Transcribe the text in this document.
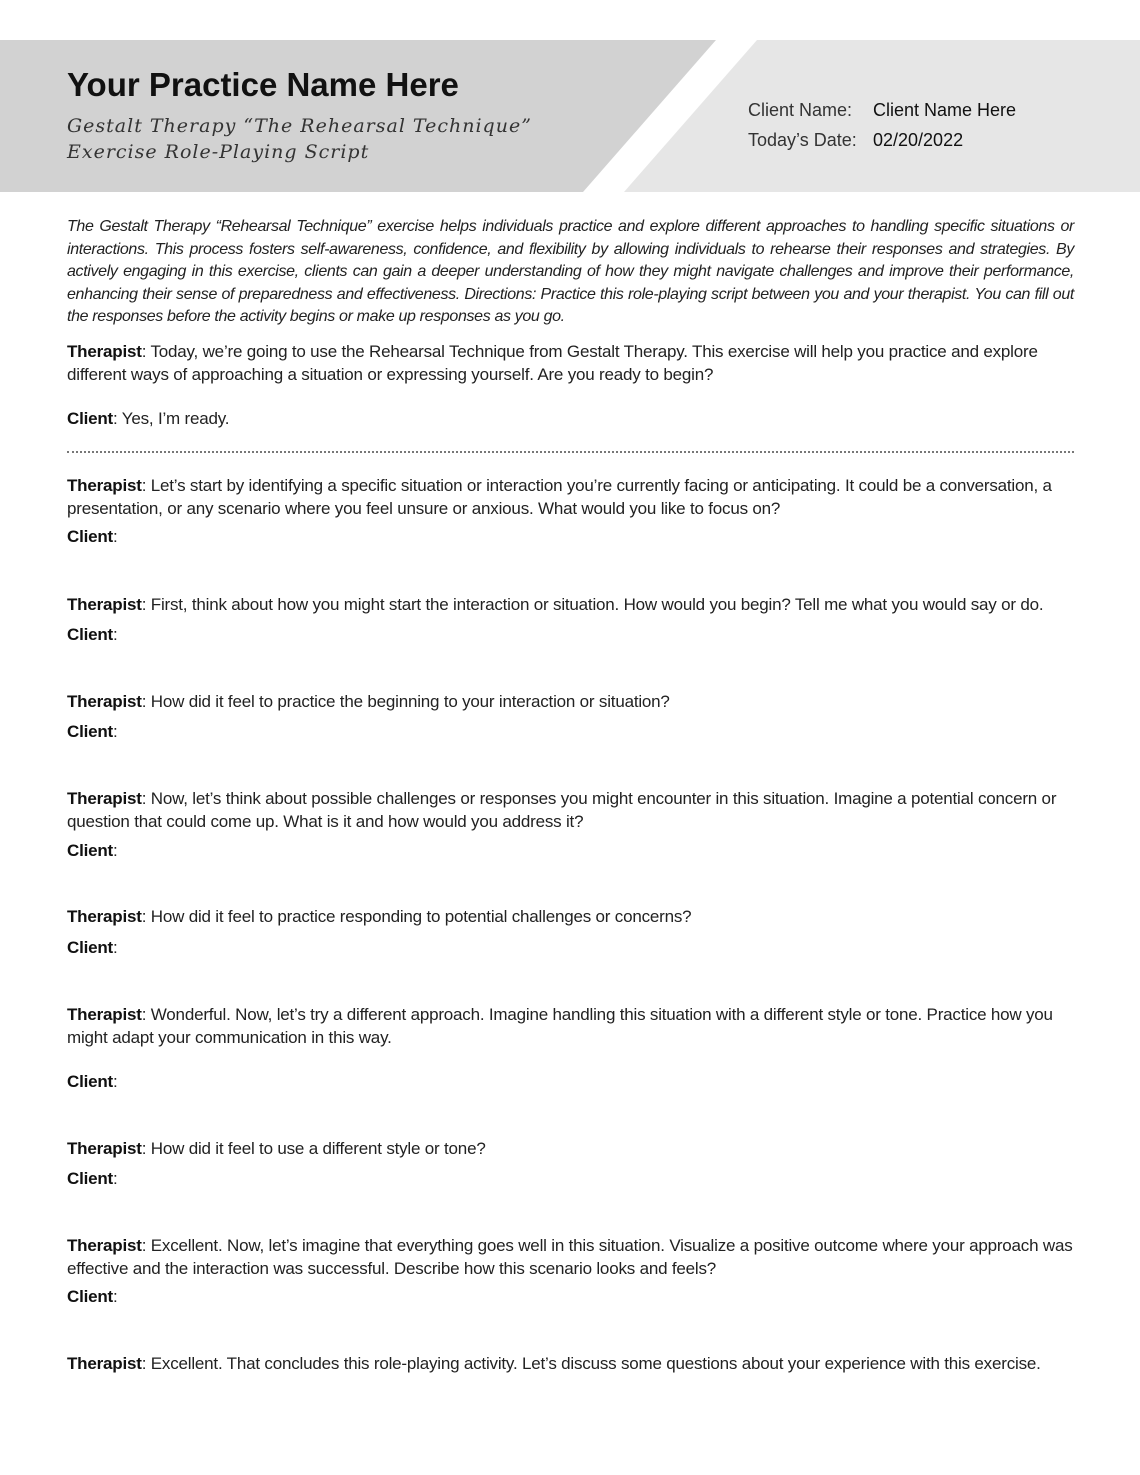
Your Practice Name Here
Gestalt Therapy “The Rehearsal Technique”
Exercise Role-Playing Script
Client Name:	Client Name Here
Today’s Date: 02/20/2022
The Gestalt Therapy “Rehearsal Technique” exercise helps individuals practice and explore different approaches to handling specific situations or interactions. This process fosters self-awareness, confidence, and flexibility by allowing individuals to rehearse their responses and strategies. By actively engaging in this exercise, clients can gain a deeper understanding of how they might navigate challenges and improve their performance, enhancing their sense of preparedness and effectiveness. Directions: Practice this role-playing script between you and your therapist. You can fill out the responses before the activity begins or make up responses as you go.
Therapist: Today, we’re going to use the Rehearsal Technique from Gestalt Therapy. This exercise will help you practice and explore different ways of approaching a situation or expressing yourself. Are you ready to begin?
Client: Yes, I’m ready.
Therapist: Let’s start by identifying a specific situation or interaction you’re currently facing or anticipating. It could be a conversation, a presentation, or any scenario where you feel unsure or anxious. What would you like to focus on?
Client:
Therapist: First, think about how you might start the interaction or situation. How would you begin? Tell me what you would say or do.
Client:
Therapist: How did it feel to practice the beginning to your interaction or situation?
Client:
Therapist: Now, let’s think about possible challenges or responses you might encounter in this situation. Imagine a potential concern or question that could come up. What is it and how would you address it?
Client:
Therapist: How did it feel to practice responding to potential challenges or concerns?
Client:
Therapist: Wonderful. Now, let’s try a different approach. Imagine handling this situation with a different style or tone. Practice how you might adapt your communication in this way.
Client:
Therapist: How did it feel to use a different style or tone?
Client:
Therapist: Excellent. Now, let’s imagine that everything goes well in this situation. Visualize a positive outcome where your approach was effective and the interaction was successful. Describe how this scenario looks and feels?
Client:
Therapist: Excellent. That concludes this role-playing activity. Let’s discuss some questions about your experience with this exercise.
